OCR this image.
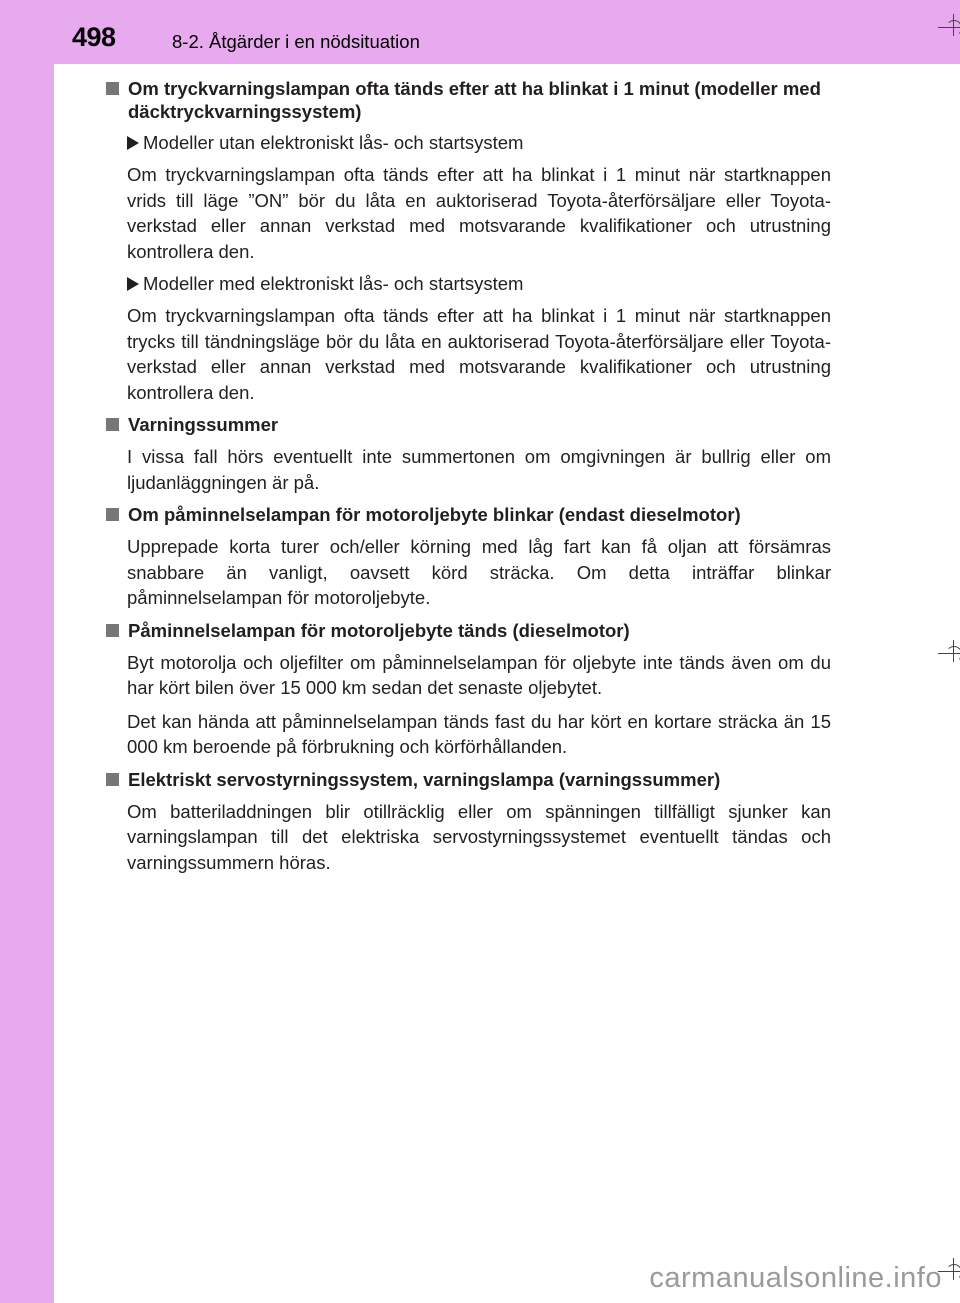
498	8-2. Åtgärder i en nödsituation
Om tryckvarningslampan ofta tänds efter att ha blinkat i 1 minut (modeller med däcktryckvarningssystem)
Modeller utan elektroniskt lås- och startsystem

Om tryckvarningslampan ofta tänds efter att ha blinkat i 1 minut när startknappen vrids till läge ”ON” bör du låta en auktoriserad Toyota-återförsäljare eller Toyota-verkstad eller annan verkstad med motsvarande kvalifikationer och utrustning kontrollera den.

Modeller med elektroniskt lås- och startsystem

Om tryckvarningslampan ofta tänds efter att ha blinkat i 1 minut när startknappen trycks till tändningsläge bör du låta en auktoriserad Toyota-återförsäljare eller Toyota-verkstad eller annan verkstad med motsvarande kvalifikationer och utrustning kontrollera den.

Varningssummer

I vissa fall hörs eventuellt inte summertonen om omgivningen är bullrig eller om ljudanläggningen är på.

Om påminnelselampan för motoroljebyte blinkar (endast dieselmotor)

Upprepade korta turer och/eller körning med låg fart kan få oljan att försämras snabbare än vanligt, oavsett körd sträcka. Om detta inträffar blinkar påminnelselampan för motoroljebyte.

Påminnelselampan för motoroljebyte tänds (dieselmotor)

Byt motorolja och oljefilter om påminnelselampan för oljebyte inte tänds även om du har kört bilen över 15 000 km sedan det senaste oljebytet.

Det kan hända att påminnelselampan tänds fast du har kört en kortare sträcka än 15 000 km beroende på förbrukning och körförhållanden.

Elektriskt servostyrningssystem, varningslampa (varningssummer)

Om batteriladdningen blir otillräcklig eller om spänningen tillfälligt sjunker kan varningslampan till det elektriska servostyrningssystemet eventuellt tändas och varningssummern höras.

carmanualsonline.info
